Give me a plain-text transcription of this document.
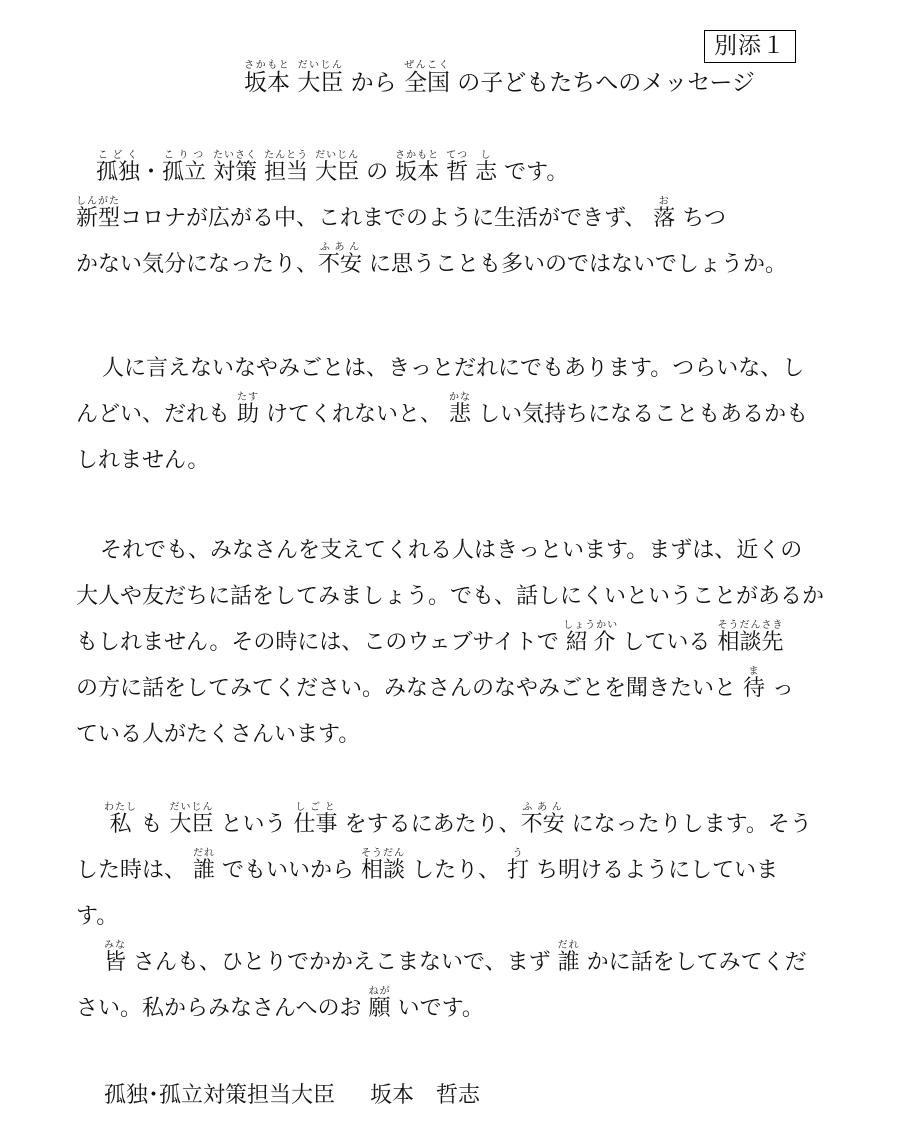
別添１
坂本さかもと 大臣だいじん から 全国ぜんこく の子どもたちへのメッセージ
孤独こどく・孤立こりつ 対策たいさく 担当たんとう 大臣だいじん の 坂本さかもと 哲てつ 志し です。
新型しんがたコロナが広がる中、これまでのように生活ができず、 落お ちつ
かない気分になったり、不安ふあん に思うことも多いのではないでしょうか。
人に言えないなやみごとは、きっとだれにでもあります。つらいな、し
んどい、だれも 助たす けてくれないと、 悲かな しい気持ちになることもあるかも
しれません。
それでも、みなさんを支えてくれる人はきっといます。まずは、近くの
大人や友だちに話をしてみましょう。でも、話しにくいということがあるか
もしれません。その時には、このウェブサイトで 紹介しょうかい している 相談先そうだんさき
の方に話をしてみてください。みなさんのなやみごとを聞きたいと 待ま っ
ている人がたくさんいます。
私わたし も 大臣だいじん という 仕事しごと をするにあたり、不安ふあん になったりします。そう
した時は、 誰だれ でもいいから 相談そうだん したり、 打う ち明けるようにしていま
す。
皆みな さんも、ひとりでかかえこまないで、まず 誰だれ かに話をしてみてくだ
さい。私からみなさんへのお 願ねが いです。
孤独･孤立対策担当大臣 坂本　哲志
